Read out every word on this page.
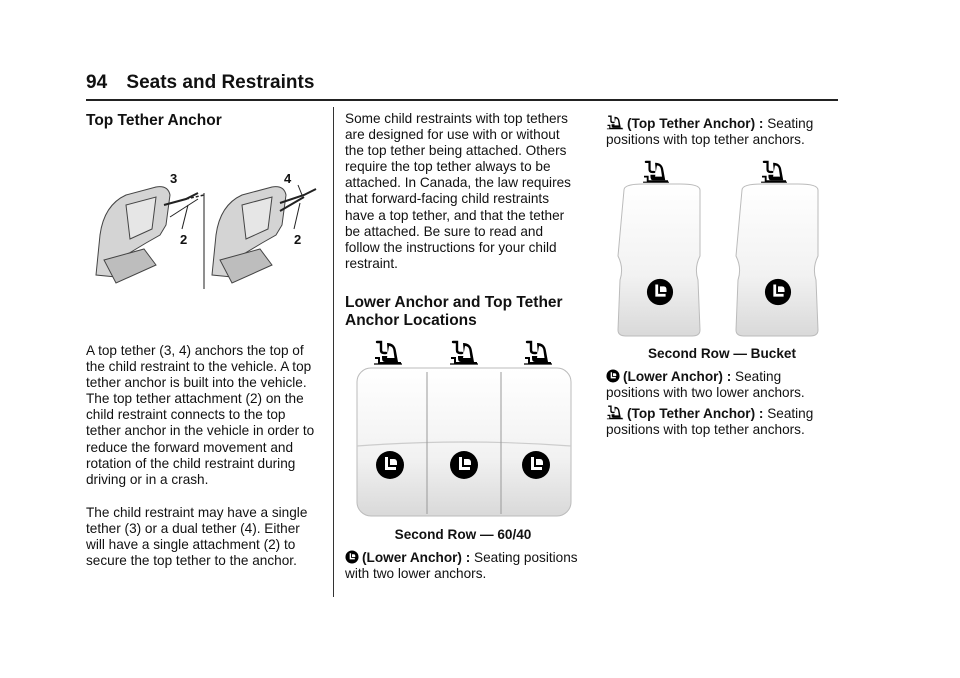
94 Seats and Restraints
Top Tether Anchor
3
2
4
2

A top tether (3, 4) anchors the top of the child restraint to the vehicle. A top tether anchor is built into the vehicle. The top tether attachment (2) on the child restraint connects to the top tether anchor in the vehicle in order to reduce the forward movement and rotation of the child restraint during driving or in a crash.

The child restraint may have a single tether (3) or a dual tether (4). Either will have a single attachment (2) to secure the top tether to the anchor.

Some child restraints with top tethers are designed for use with or without the top tether being attached. Others require the top tether always to be attached. In Canada, the law requires that forward-facing child restraints have a top tether, and that the tether be attached. Be sure to read and follow the instructions for your child restraint.

Lower Anchor and Top Tether Anchor Locations
Second Row — 60/40

(Lower Anchor) : Seating positions with two lower anchors.

(Top Tether Anchor) : Seating positions with top tether anchors.

Second Row — Bucket

(Lower Anchor) : Seating positions with two lower anchors.

(Top Tether Anchor) : Seating positions with top tether anchors.
